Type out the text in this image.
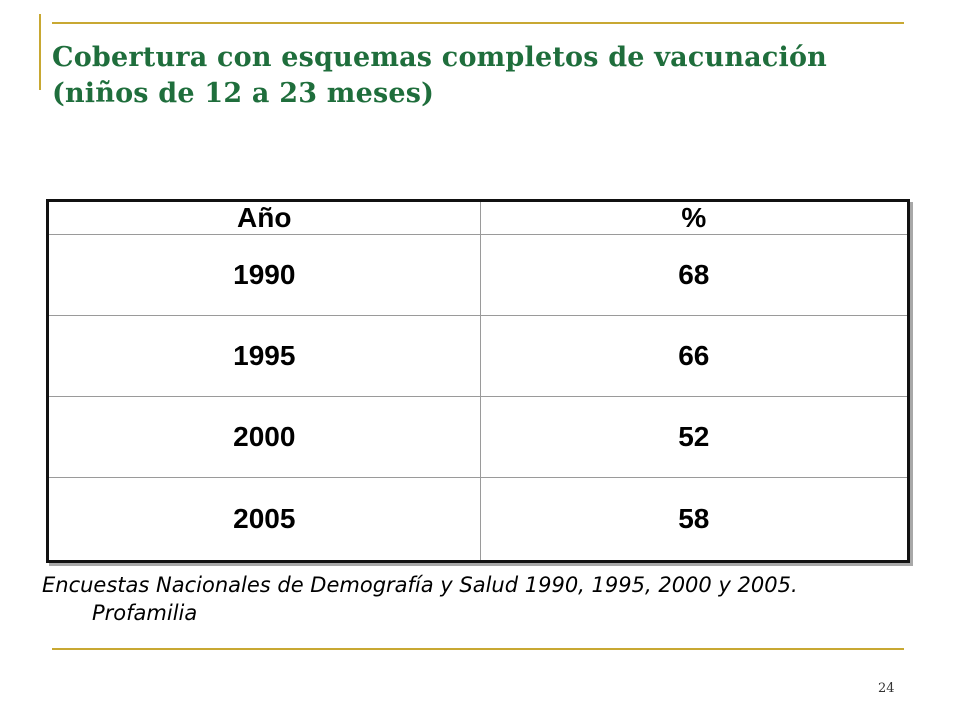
Cobertura con esquemas completos de vacunación (niños de 12 a 23 meses)
Año	%
1990	68
1995	66
2000	52
2005	58

Encuestas Nacionales de Demografía y Salud 1990, 1995, 2000 y 2005. Profamilia

24
